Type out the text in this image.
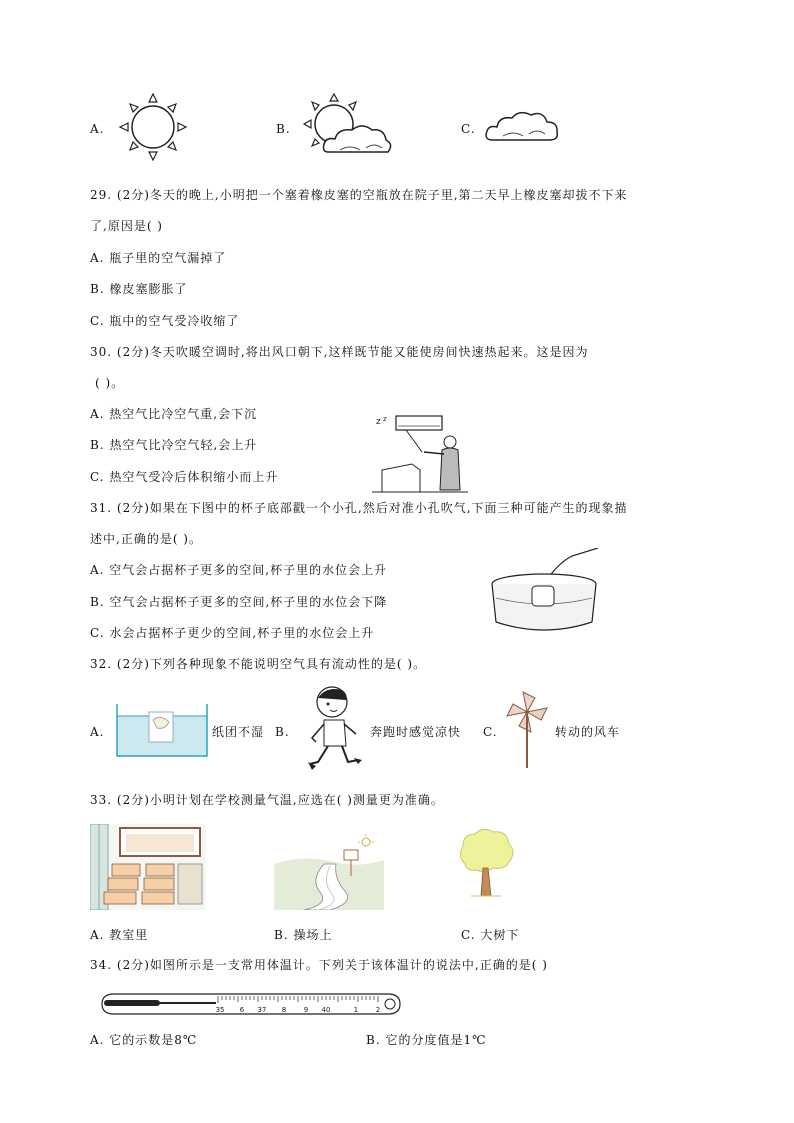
A.	B.	C.
29. (2分)冬天的晚上,小明把一个塞着橡皮塞的空瓶放在院子里,第二天早上橡皮塞却拔不下来
了,原因是( )
A. 瓶子里的空气漏掉了
B. 橡皮塞膨胀了
C. 瓶中的空气受冷收缩了
30. (2分)冬天吹暖空调时,将出风口朝下,这样既节能又能使房间快速热起来。这是因为
( )。
A. 热空气比冷空气重,会下沉
B. 热空气比冷空气轻,会上升
C. 热空气受冷后体积缩小而上升
z z
31. (2分)如果在下图中的杯子底部戳一个小孔,然后对准小孔吹气,下面三种可能产生的现象描
述中,正确的是( )。
A. 空气会占据杯子更多的空间,杯子里的水位会上升
B. 空气会占据杯子更多的空间,杯子里的水位会下降
C. 水会占据杯子更少的空间,杯子里的水位会上升
32. (2分)下列各种现象不能说明空气具有流动性的是( )。
A.	纸团不湿 B.	奔跑时感觉凉快 C.	转动的风车
33. (2分)小明计划在学校测量气温,应选在( )测量更为准确。
A. 教室里	B. 操场上	C. 大树下
34. (2分)如图所示是一支常用体温计。下列关于该体温计的说法中,正确的是( )
35 6 37 8	9 40	1	2
A. 它的示数是8℃	B. 它的分度值是1℃
